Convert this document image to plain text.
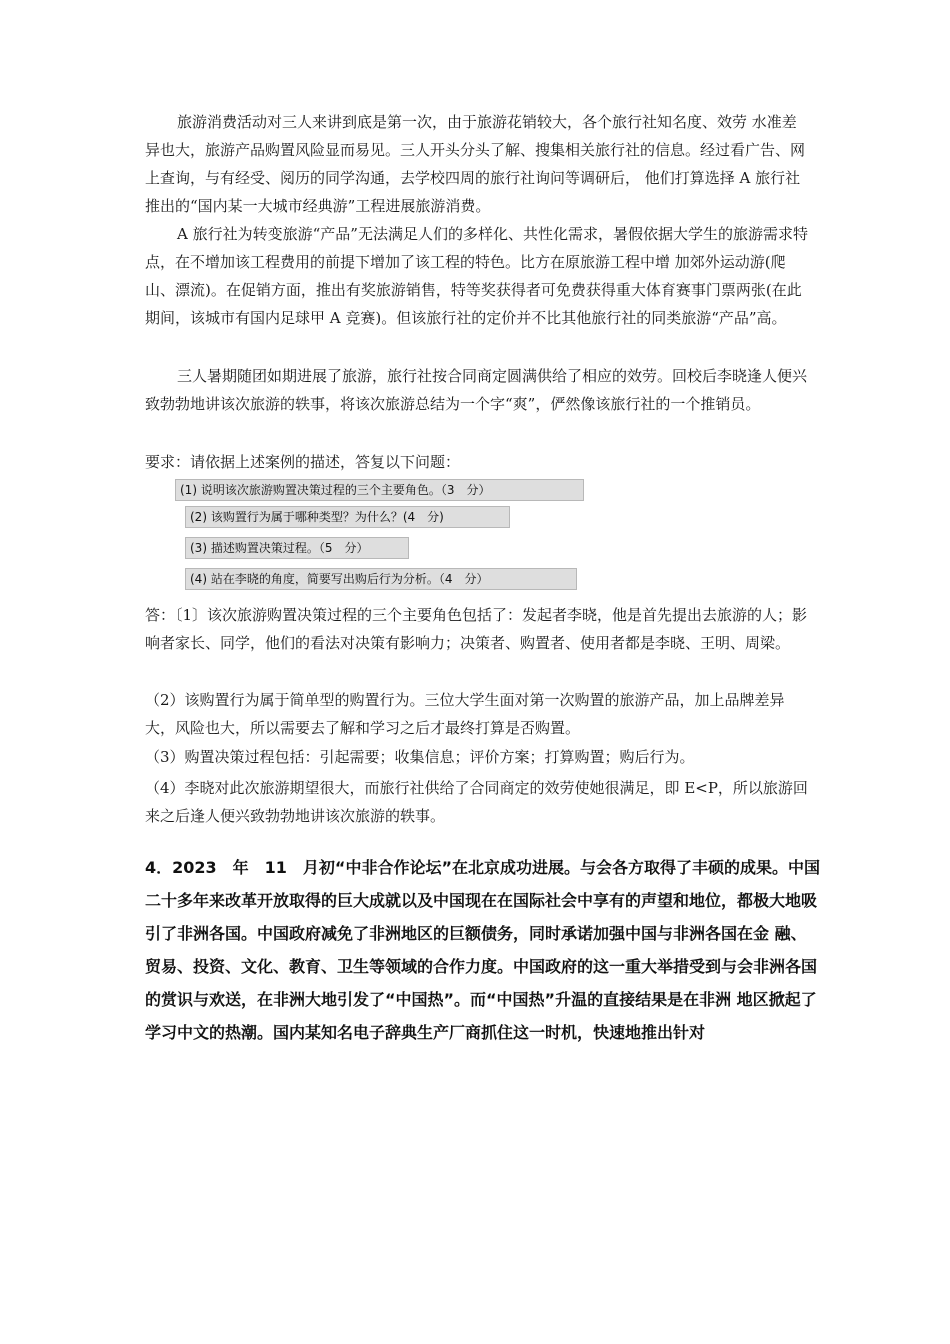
旅游消费活动对三人来讲到底是第一次，由于旅游花销较大，各个旅行社知名度、效劳 水准差异也大，旅游产品购置风险显而易见。三人开头分头了解、搜集相关旅行社的信息。经过看广告、网上查询，与有经受、阅历的同学沟通，去学校四周的旅行社询问等调研后， 他们打算选择 A 旅行社推出的“国内某一大城市经典游”工程进展旅游消费。

A 旅行社为转变旅游“产品”无法满足人们的多样化、共性化需求，暑假依据大学生的旅游需求特点，在不增加该工程费用的前提下增加了该工程的特色。比方在原旅游工程中增 加郊外运动游(爬山、漂流)。在促销方面，推出有奖旅游销售，特等奖获得者可免费获得重大体育赛事门票两张(在此期间，该城市有国内足球甲 A 竞赛)。但该旅行社的定价并不比其他旅行社的同类旅游“产品”高。

三人暑期随团如期进展了旅游，旅行社按合同商定圆满供给了相应的效劳。回校后李晓逢人便兴致勃勃地讲该次旅游的轶事，将该次旅游总结为一个字“爽”，俨然像该旅行社的一个推销员。

要求：请依据上述案例的描述，答复以下问题：

(1) 说明该次旅游购置决策过程的三个主要角色。（3　分）
(2) 该购置行为属于哪种类型？为什么？(4　分)
(3) 描述购置决策过程。（5　分）
(4) 站在李晓的角度，简要写出购后行为分析。（4　分）

答：〔1〕该次旅游购置决策过程的三个主要角色包括了：发起者李晓，他是首先提出去旅游的人；影响者家长、同学，他们的看法对决策有影响力；决策者、购置者、使用者都是李晓、王明、周梁。

（2）该购置行为属于简单型的购置行为。三位大学生面对第一次购置的旅游产品，加上品牌差异大，风险也大，所以需要去了解和学习之后才最终打算是否购置。

（3）购置决策过程包括：引起需要；收集信息；评价方案；打算购置；购后行为。

（4）李晓对此次旅游期望很大，而旅行社供给了合同商定的效劳使她很满足，即 E<P，所以旅游回来之后逢人便兴致勃勃地讲该次旅游的轶事。

4．2023　年　11　月初“中非合作论坛”在北京成功进展。与会各方取得了丰硕的成果。中国二十多年来改革开放取得的巨大成就以及中国现在在国际社会中享有的声望和地位，都极大地吸引了非洲各国。中国政府减免了非洲地区的巨额债务，同时承诺加强中国与非洲各国在金 融、贸易、投资、文化、教育、卫生等领域的合作力度。中国政府的这一重大举措受到与会非洲各国的赏识与欢送，在非洲大地引发了“中国热”。而“中国热”升温的直接结果是在非洲 地区掀起了学习中文的热潮。国内某知名电子辞典生产厂商抓住这一时机，快速地推出针对
